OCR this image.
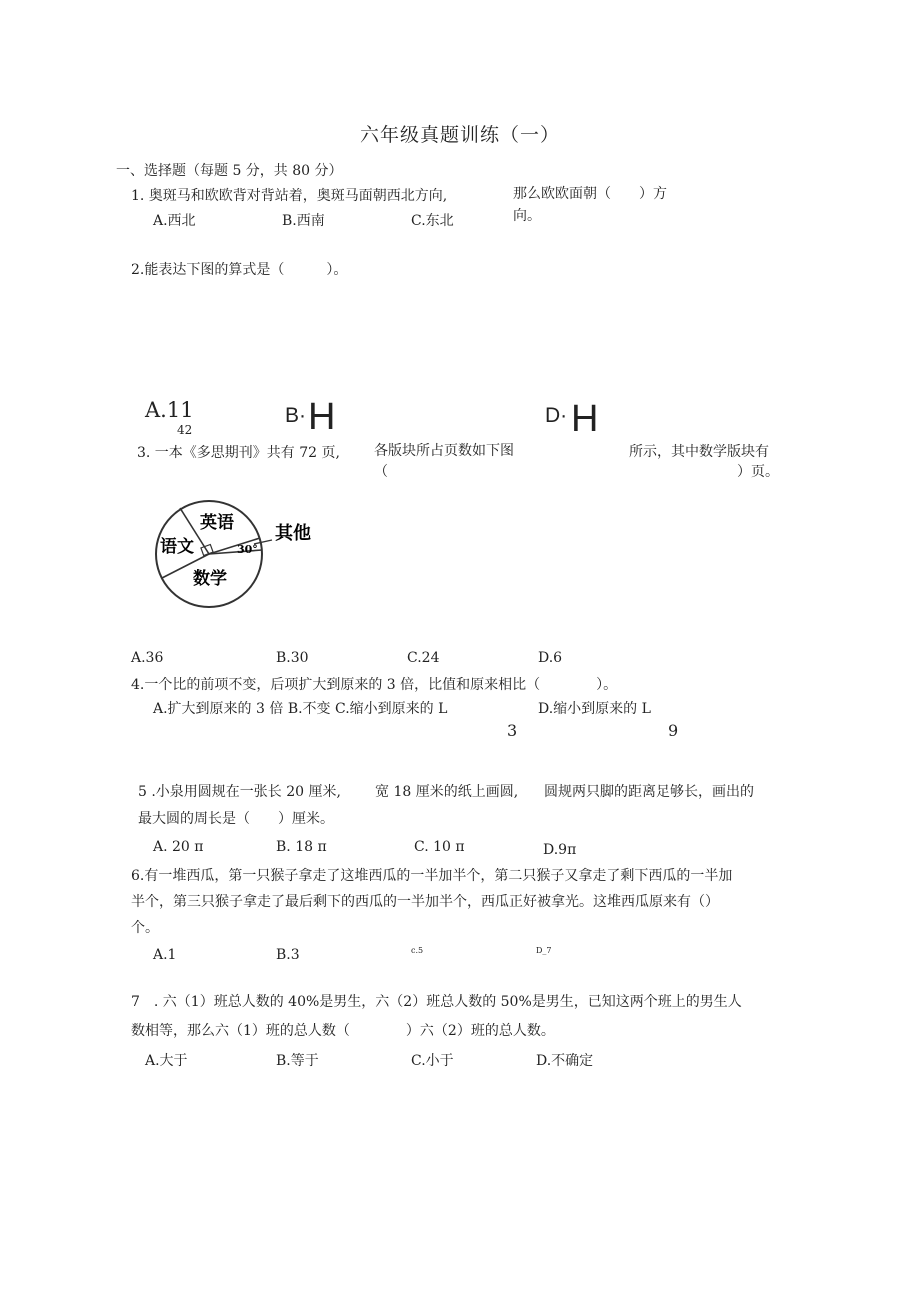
六年级真题训练（一）
一、选择题（每题 5 分，共 80 分）
1. 奥斑马和欧欧背对背站着，奥斑马面朝西北方向,	那么欧欧面朝（　　）方
向。
A.西北	B.西南	C.东北
2.能表达下图的算式是（　　　）。
A.11
42
B· H	D· H
3. 一本《多思期刊》共有 72 页, 各版块所占页数如下图
（
所示，其中数学版块有
）页。
英语
语文
数学
其他
30°
A.36	B.30	C.24	D.6
4.一个比的前项不变，后项扩大到原来的 3 倍，比值和原来相比（　　　　）。
A.扩大到原来的 3 倍 B.不变 C.缩小到原来的 L	D.缩小到原来的 L
3	9
5 .小泉用圆规在一张长 20 厘米, 宽 18 厘米的纸上画圆, 圆规两只脚的距离足够长，画出的
最大圆的周长是（　　）厘米。
A. 20 π	B. 18 π	C. 10 π	D.9π
6.有一堆西瓜，第一只猴子拿走了这堆西瓜的一半加半个，第二只猴子又拿走了剩下西瓜的一半加
半个，第三只猴子拿走了最后剩下的西瓜的一半加半个，西瓜正好被拿光。这堆西瓜原来有（）
个。
A.1	B.3	c.5	D_7
7　. 六（1）班总人数的 40%是男生，六（2）班总人数的 50%是男生，已知这两个班上的男生人
数相等，那么六（1）班的总人数（　　　　）六（2）班的总人数。
A.大于	B.等于	C.小于	D.不确定
